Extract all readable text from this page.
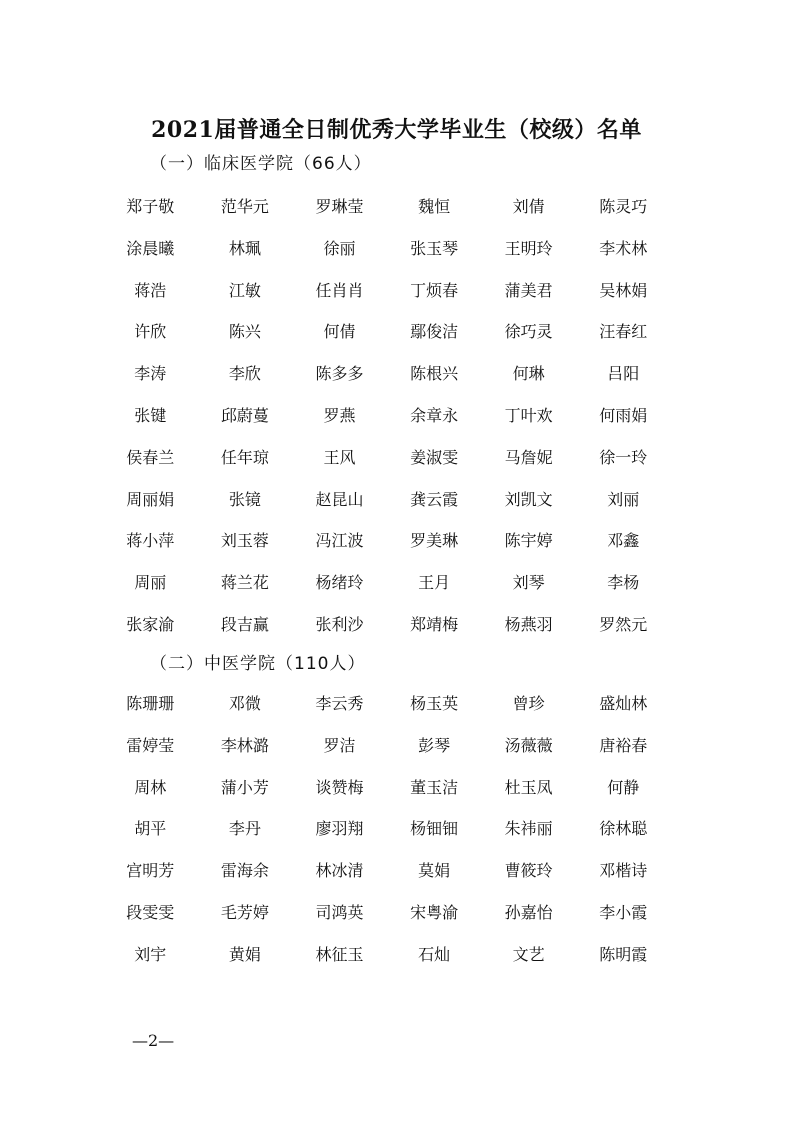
2021届普通全日制优秀大学毕业生（校级）名单
（一）临床医学院（66人）
郑子敬	范华元	罗琳莹	魏恒	刘倩	陈灵巧
涂晨曦	林珮	徐丽	张玉琴	王明玲	李术林
蒋浩	江敏	任肖肖	丁烦春	蒲美君	吴林娟
许欣	陈兴	何倩	鄢俊洁	徐巧灵	汪春红
李涛	李欣	陈多多	陈根兴	何琳	吕阳
张键	邱蔚蔓	罗燕	余章永	丁叶欢	何雨娟
侯春兰	任年琼	王风	姜淑雯	马詹妮	徐一玲
周丽娟	张镜	赵昆山	龚云霞	刘凯文	刘丽
蒋小萍	刘玉蓉	冯江波	罗美琳	陈宇婷	邓鑫
周丽	蒋兰花	杨绪玲	王月	刘琴	李杨
张家渝	段吉赢	张利沙	郑靖梅	杨燕羽	罗然元
（二）中医学院（110人）
陈珊珊	邓微	李云秀	杨玉英	曾珍	盛灿林
雷婷莹	李林潞	罗洁	彭琴	汤薇薇	唐裕春
周林	蒲小芳	谈赞梅	董玉洁	杜玉凤	何静
胡平	李丹	廖羽翔	杨钿钿	朱祎丽	徐林聪
宫明芳	雷海余	林冰清	莫娟	曹筱玲	邓楷诗
段雯雯	毛芳婷	司鸿英	宋粤渝	孙嘉怡	李小霞
刘宇	黄娟	林征玉	石灿	文艺	陈明霞
—2—
